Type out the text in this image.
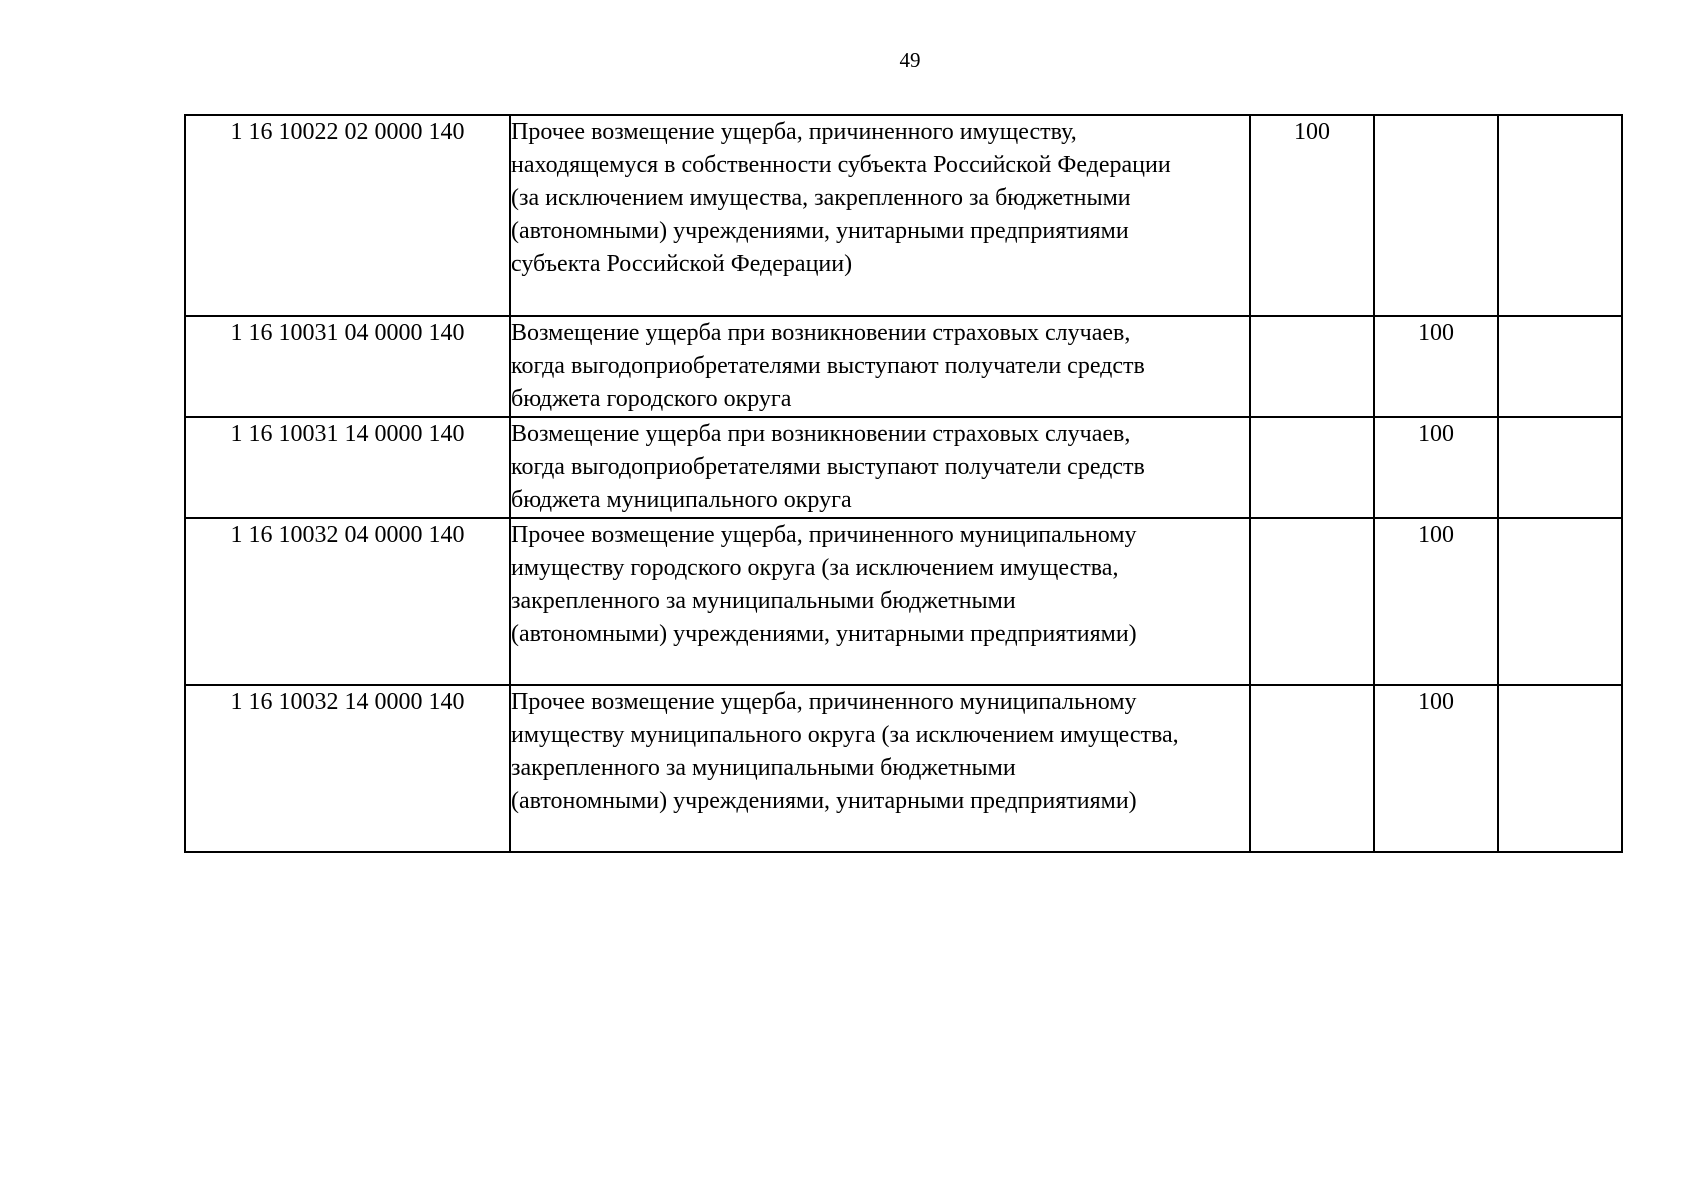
49
1 16 10022 02 0000 140	Прочее возмещение ущерба, причиненного имуществу,
находящемуся в собственности субъекта Российской Федерации
(за исключением имущества, закрепленного за бюджетными
(автономными) учреждениями, унитарными предприятиями
субъекта Российской Федерации)	100		
1 16 10031 04 0000 140	Возмещение ущерба при возникновении страховых случаев,
когда выгодоприобретателями выступают получатели средств
бюджета городского округа		100	
1 16 10031 14 0000 140	Возмещение ущерба при возникновении страховых случаев,
когда выгодоприобретателями выступают получатели средств
бюджета муниципального округа		100	
1 16 10032 04 0000 140	Прочее возмещение ущерба, причиненного муниципальному
имуществу городского округа (за исключением имущества,
закрепленного за муниципальными бюджетными
(автономными) учреждениями, унитарными предприятиями)		100	
1 16 10032 14 0000 140	Прочее возмещение ущерба, причиненного муниципальному
имуществу муниципального округа (за исключением имущества,
закрепленного за муниципальными бюджетными
(автономными) учреждениями, унитарными предприятиями)		100	
